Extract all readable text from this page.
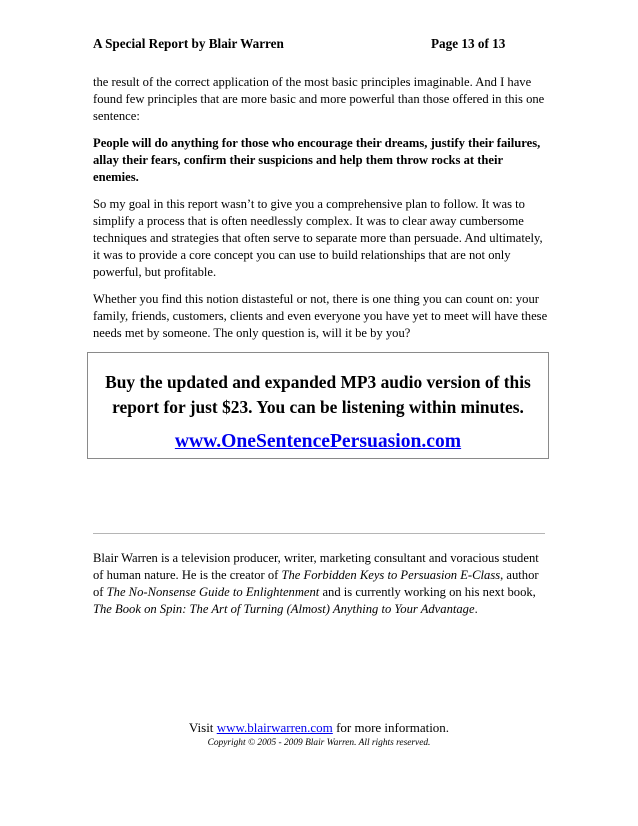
A Special Report by Blair Warren	Page 13 of 13

the result of the correct application of the most basic principles imaginable. And I have found few principles that are more basic and more powerful than those offered in this one sentence:

People will do anything for those who encourage their dreams, justify their failures, allay their fears, confirm their suspicions and help them throw rocks at their enemies.

So my goal in this report wasn’t to give you a comprehensive plan to follow. It was to simplify a process that is often needlessly complex. It was to clear away cumbersome techniques and strategies that often serve to separate more than persuade. And ultimately, it was to provide a core concept you can use to build relationships that are not only powerful, but profitable.

Whether you find this notion distasteful or not, there is one thing you can count on: your family, friends, customers, clients and even everyone you have yet to meet will have these needs met by someone. The only question is, will it be by you?

Buy the updated and expanded MP3 audio version of this
report for just $23. You can be listening within minutes.
www.OneSentencePersuasion.com
Blair Warren is a television producer, writer, marketing consultant and voracious student of human nature. He is the creator of The Forbidden Keys to Persuasion E-Class, author of The No-Nonsense Guide to Enlightenment and is currently working on his next book, The Book on Spin: The Art of Turning (Almost) Anything to Your Advantage.
Visit www.blairwarren.com for more information.
Copyright © 2005 - 2009 Blair Warren. All rights reserved.
